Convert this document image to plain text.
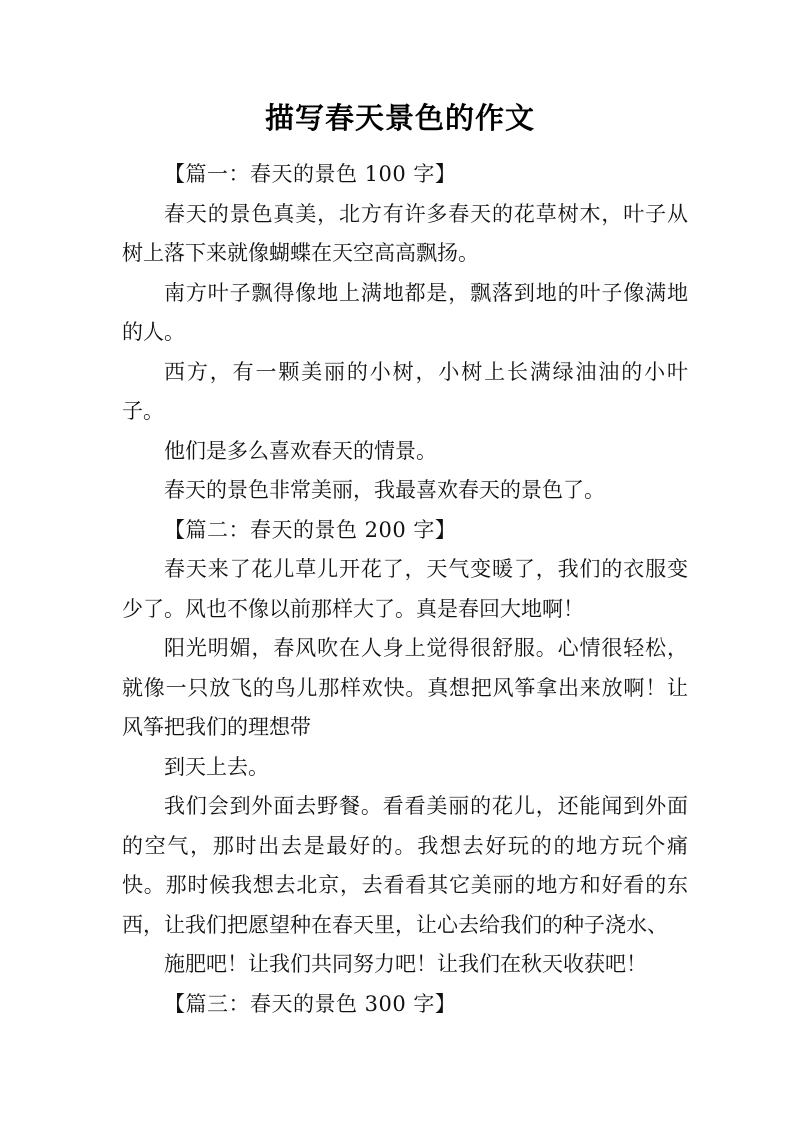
描写春天景色的作文

【篇一：春天的景色 100 字】

春天的景色真美，北方有许多春天的花草树木，叶子从树上落下来就像蝴蝶在天空高高飘扬。

南方叶子飘得像地上满地都是，飘落到地的叶子像满地的人。

西方，有一颗美丽的小树，小树上长满绿油油的小叶子。

他们是多么喜欢春天的情景。

春天的景色非常美丽，我最喜欢春天的景色了。

【篇二：春天的景色 200 字】

春天来了花儿草儿开花了，天气变暖了，我们的衣服变少了。风也不像以前那样大了。真是春回大地啊！

阳光明媚，春风吹在人身上觉得很舒服。心情很轻松，就像一只放飞的鸟儿那样欢快。真想把风筝拿出来放啊！让风筝把我们的理想带

到天上去。

我们会到外面去野餐。看看美丽的花儿，还能闻到外面的空气，那时出去是最好的。我想去好玩的的地方玩个痛快。那时候我想去北京，去看看其它美丽的地方和好看的东西，让我们把愿望种在春天里，让心去给我们的种子浇水、

施肥吧！让我们共同努力吧！让我们在秋天收获吧！

【篇三：春天的景色 300 字】
